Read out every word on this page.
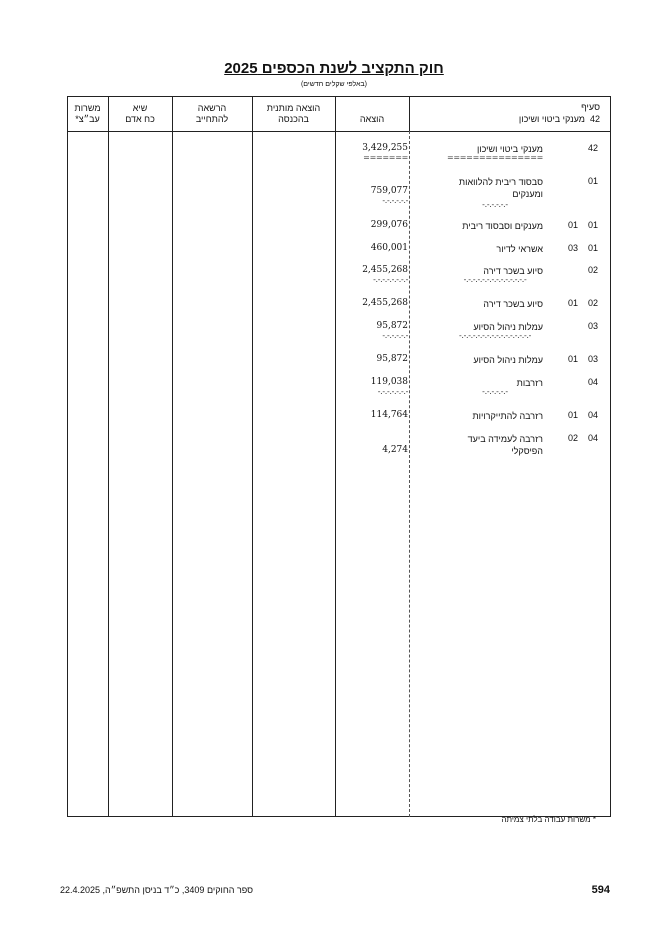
חוק התקציב לשנת הכספים 2025
(באלפי שקלים חדשים)
משרות
עב״צ*
שיא
כח אדם
הרשאה
להתחייב
הוצאה מותנית
בהכנסה	הוצאה
סעיף
42  מענקי ביטוי ושיכון
42
מענקי ביטוי ושיכון
===============
3,429,255
=======
01
סבסוד ריבית להלוואות
ומענקים
-.-.-.-.-.-
759,077
-.-.-.-.-.-
01
01
מענקים וסבסוד ריבית
299,076
01
03
אשראי לדיור
460,001
02
סיוע בשכר דירה
-.-.-.-.-.-.-.-.-.-.-.-.-.-
2,455,268
-.-.-.-.-.-.-.-
02
01
סיוע בשכר דירה
2,455,268
03
עמלות ניהול הסיוע
-.-.-.-.-.-.-.-.-.-.-.-.-.-.-.-
95,872
-.-.-.-.-.-
03
01
עמלות ניהול הסיוע
95,872
04
רזרבות
-.-.-.-.-.-
119,038
-.-.-.-.-.-.-
04
01
רזרבה להתייקרויות
114,764
04
02
רזרבה לעמידה ביעד
הפיסקלי
4,274
* משרות עבודה בלתי צמיתה
ספר החוקים 3409, כ״ד בניסן התשפ״ה, 22.4.2025	594
